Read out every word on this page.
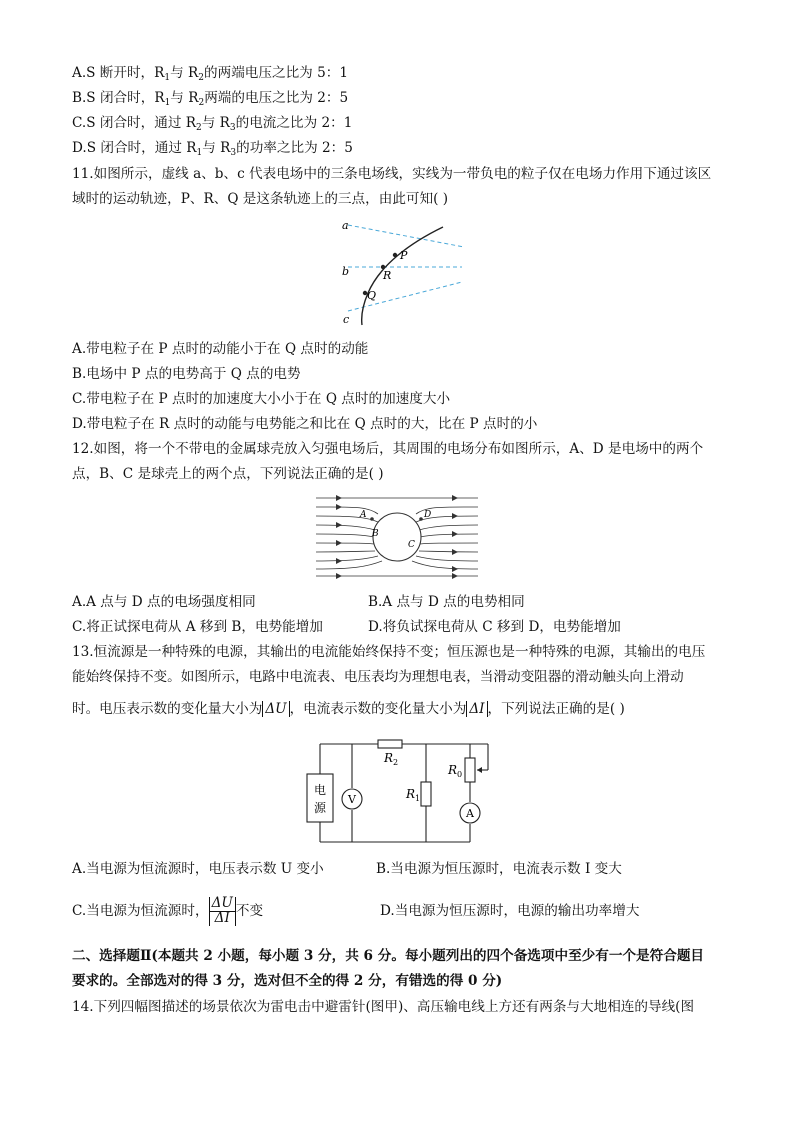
A.S 断开时，$R_1$与 $R_2$的两端电压之比为 5：1
B.S 闭合时，$R_1$与 $R_2$两端的电压之比为 2：5
C.S 闭合时，通过 $R_2$与 $R_3$的电流之比为 2：1
D.S 闭合时，通过 $R_1$与 $R_3$的功率之比为 2：5
11.如图所示，虚线 a、b、c 代表电场中的三条电场线，实线为一带负电的粒子仅在电场力作用下通过该区
域时的运动轨迹，P、R、Q 是这条轨迹上的三点，由此可知( )
a
b
c
P
R
Q
A.带电粒子在 P 点时的动能小于在 Q 点时的动能
B.电场中 P 点的电势高于 Q 点的电势
C.带电粒子在 P 点时的加速度大小小于在 Q 点时的加速度大小
D.带电粒子在 R 点时的动能与电势能之和比在 Q 点时的大，比在 P 点时的小
12.如图，将一个不带电的金属球壳放入匀强电场后，其周围的电场分布如图所示，A、D 是电场中的两个
点，B、C 是球壳上的两个点，下列说法正确的是( )
A
B
C
D
A.A 点与 D 点的电场强度相同	B.A 点与 D 点的电势相同
C.将正试探电荷从 A 移到 B，电势能增加	D.将负试探电荷从 C 移到 D，电势能增加
13.恒流源是一种特殊的电源，其输出的电流能始终保持不变；恒压源也是一种特殊的电源，其输出的电压
能始终保持不变。如图所示，电路中电流表、电压表均为理想电表，当滑动变阻器的滑动触头向上滑动
时。电压表示数的变化量大小为 ΔU ，电流表示数的变化量大小为 ΔI ，下列说法正确的是( )
V
A
电
源
$R_2$
$R_1$
$R_0$
A.当电源为恒流源时，电压表示数 U 变小	B.当电源为恒压源时，电流表示数 I 变大
C.当电源为恒流源时， $\frac{\Delta U}{\Delta I}$ 不变	D.当电源为恒压源时，电源的输出功率增大
二、选择题Ⅱ(本题共 2 小题，每小题 3 分，共 6 分。每小题列出的四个备选项中至少有一个是符合题目
要求的。全部选对的得 3 分，选对但不全的得 2 分，有错选的得 0 分)
14.下列四幅图描述的场景依次为雷电击中避雷针(图甲)、高压输电线上方还有两条与大地相连的导线(图
